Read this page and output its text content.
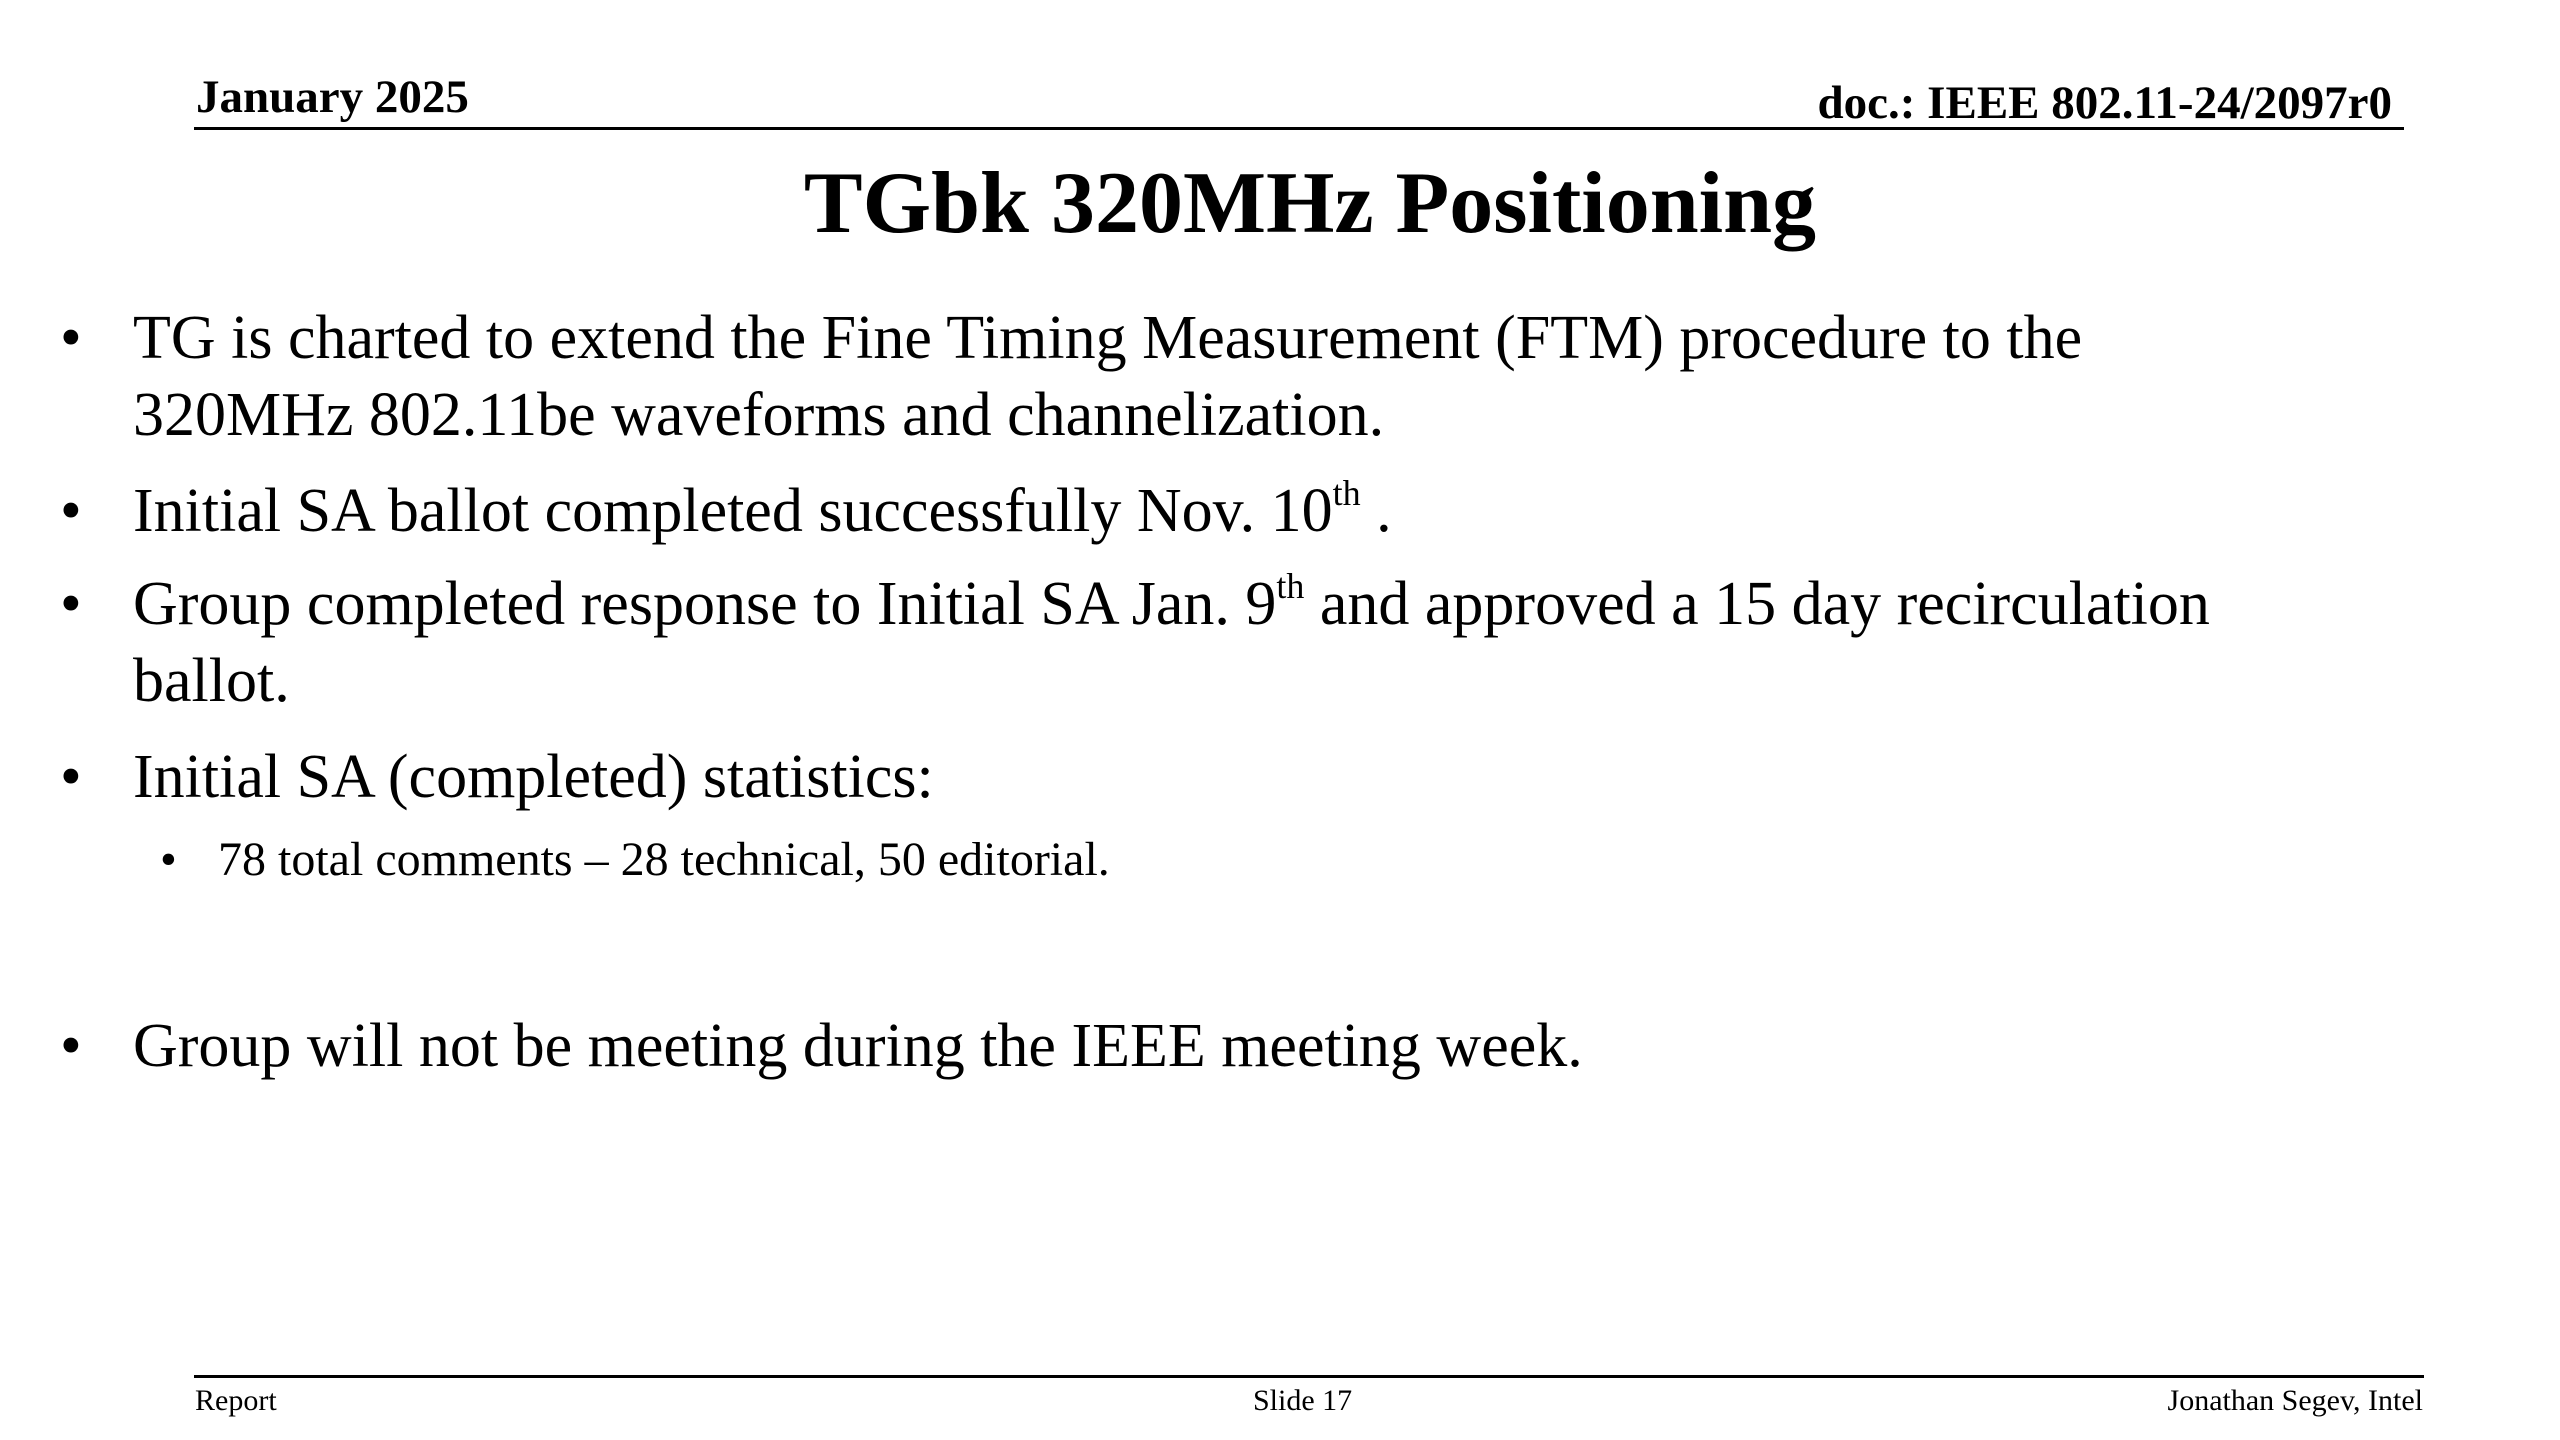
January 2025	doc.: IEEE 802.11-24/2097r0
TGbk 320MHz Positioning
• TG is charted to extend the Fine Timing Measurement (FTM) procedure to the
320MHz 802.11be waveforms and channelization.
• Initial SA ballot completed successfully Nov. 10th .
• Group completed response to Initial SA Jan. 9th and approved a 15 day recirculation
ballot.
• Initial SA (completed) statistics:
• 78 total comments – 28 technical, 50 editorial.
• Group will not be meeting during the IEEE meeting week.
Report	Slide 17	Jonathan Segev, Intel
